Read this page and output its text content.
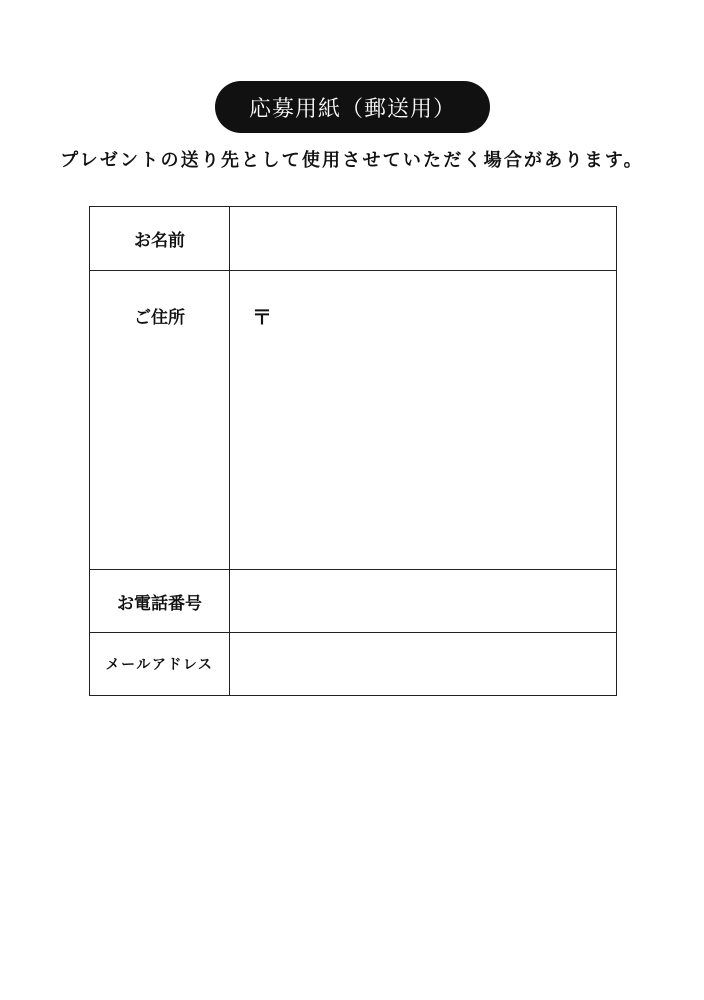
応募用紙（郵送用）
プレゼントの送り先として使用させていただく場合があります。
お名前	
ご住所	〒
お電話番号	
メールアドレス	
